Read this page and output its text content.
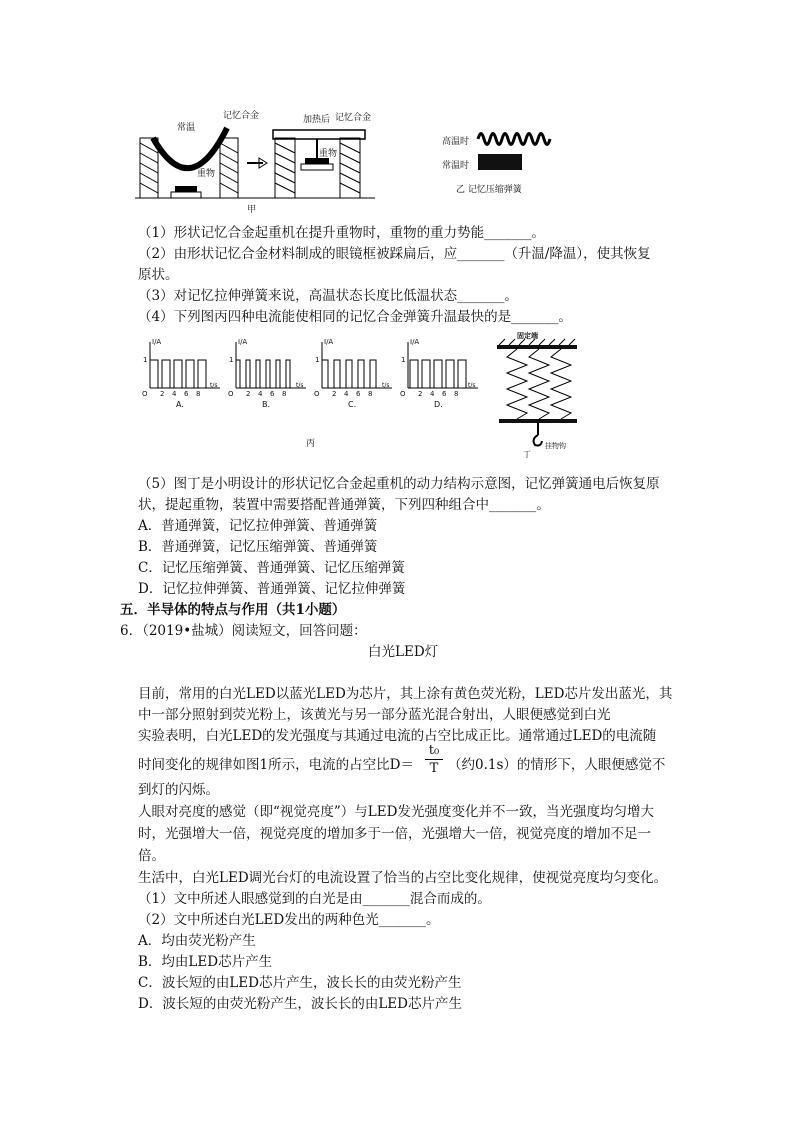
常温
记忆合金
重物
加热后 记忆合金
重物
甲
高温时
常温时
乙 记忆压缩弹簧
（1）形状记忆合金起重机在提升重物时，重物的重力势能_______。
（2）由形状记忆合金材料制成的眼镜框被踩扁后，应_______（升温/降温），使其恢复
原状。
（3）对记忆拉伸弹簧来说，高温状态长度比低温状态_______。
（4）下列图丙四种电流能使相同的记忆合金弹簧升温最快的是_______。
I/A
1
O 2 4 6 8
t/s
A.
I/A
1
O 2 4 6 8
t/s
B.
I/A
1
O 2 4 6 8
t/s
C.
I/A
1
O 2 4 6 8
t/s
D.
丙
固定端
挂物钩
丁
（5）图丁是小明设计的形状记忆合金起重机的动力结构示意图，记忆弹簧通电后恢复原
状，提起重物，装置中需要搭配普通弹簧，下列四种组合中_______。
A．普通弹簧，记忆拉伸弹簧、普通弹簧
B．普通弹簧，记忆压缩弹簧、普通弹簧
C．记忆压缩弹簧、普通弹簧、记忆压缩弹簧
D．记忆拉伸弹簧、普通弹簧、记忆拉伸弹簧
五．半导体的特点与作用（共1小题）
6．（2019•盐城）阅读短文，回答问题：
白光LED灯
目前，常用的白光LED以蓝光LED为芯片，其上涂有黄色荧光粉，LED芯片发出蓝光，其
中一部分照射到荧光粉上，该黄光与另一部分蓝光混合射出，人眼便感觉到白光
实验表明，白光LED的发光强度与其通过电流的占空比成正比。通常通过LED的电流随
时间变化的规律如图1所示，电流的占空比D＝
t₀
T （约0.1s）的情形下，人眼便感觉不
到灯的闪烁。
人眼对亮度的感觉（即“视觉亮度”）与LED发光强度变化并不一致，当光强度均匀增大
时，光强增大一倍，视觉亮度的增加多于一倍，光强增大一倍，视觉亮度的增加不足一
倍。
生活中，白光LED调光台灯的电流设置了恰当的占空比变化规律，使视觉亮度均匀变化。
（1）文中所述人眼感觉到的白光是由_______混合而成的。
（2）文中所述白光LED发出的两种色光_______。
A．均由荧光粉产生
B．均由LED芯片产生
C．波长短的由LED芯片产生，波长长的由荧光粉产生
D．波长短的由荧光粉产生，波长长的由LED芯片产生
